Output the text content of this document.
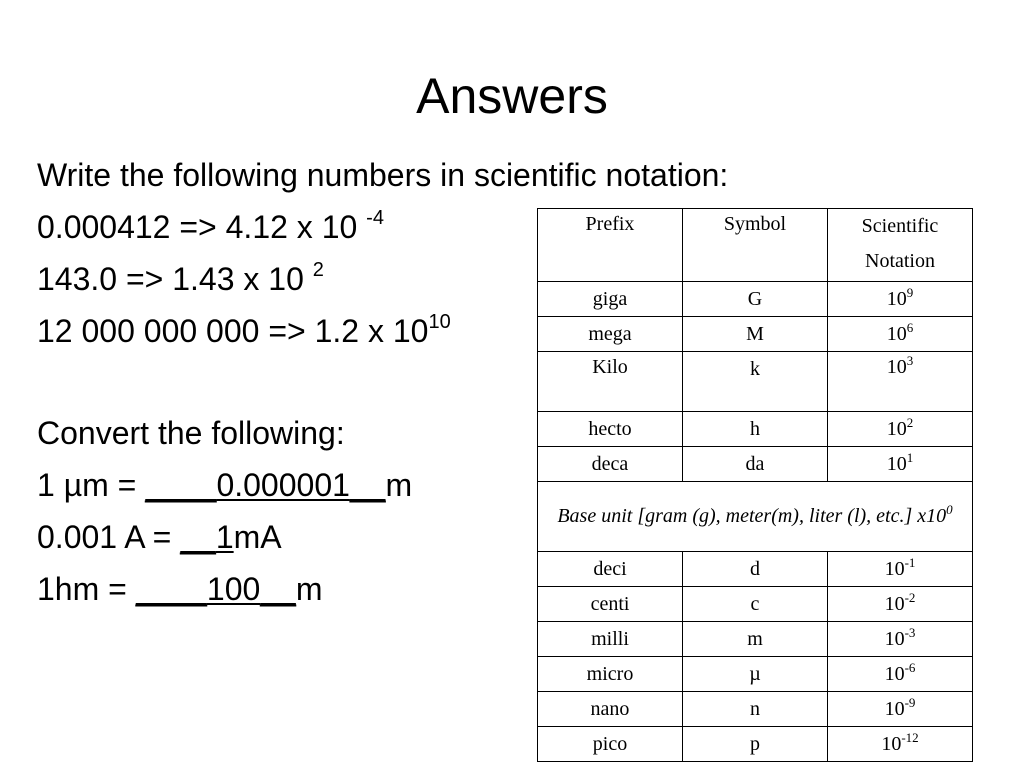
Answers
Write the following numbers in scientific notation:
0.000412 => 4.12 x 10 $^{-4}$
143.0 => 1.43 x 10 $^2$
12 000 000 000 => 1.2 x $10^{10}$
Convert the following:
1 µm = ____0.000001__m
0.001 A = __1mA
1hm = ____100__m
Prefix	Symbol	Scientific Notation
giga	G	$10^9$
mega	M	$10^6$
Kilo	k	$10^3$
hecto	h	$10^2$
deca	da	$10^1$
Base unit [gram (g), meter(m), liter (l), etc.] $x10^0$
deci	d	$10^{-1}$
centi	c	$10^{-2}$
milli	m	$10^{-3}$
micro	µ	$10^{-6}$
nano	n	$10^{-9}$
pico	p	$10^{-12}$
